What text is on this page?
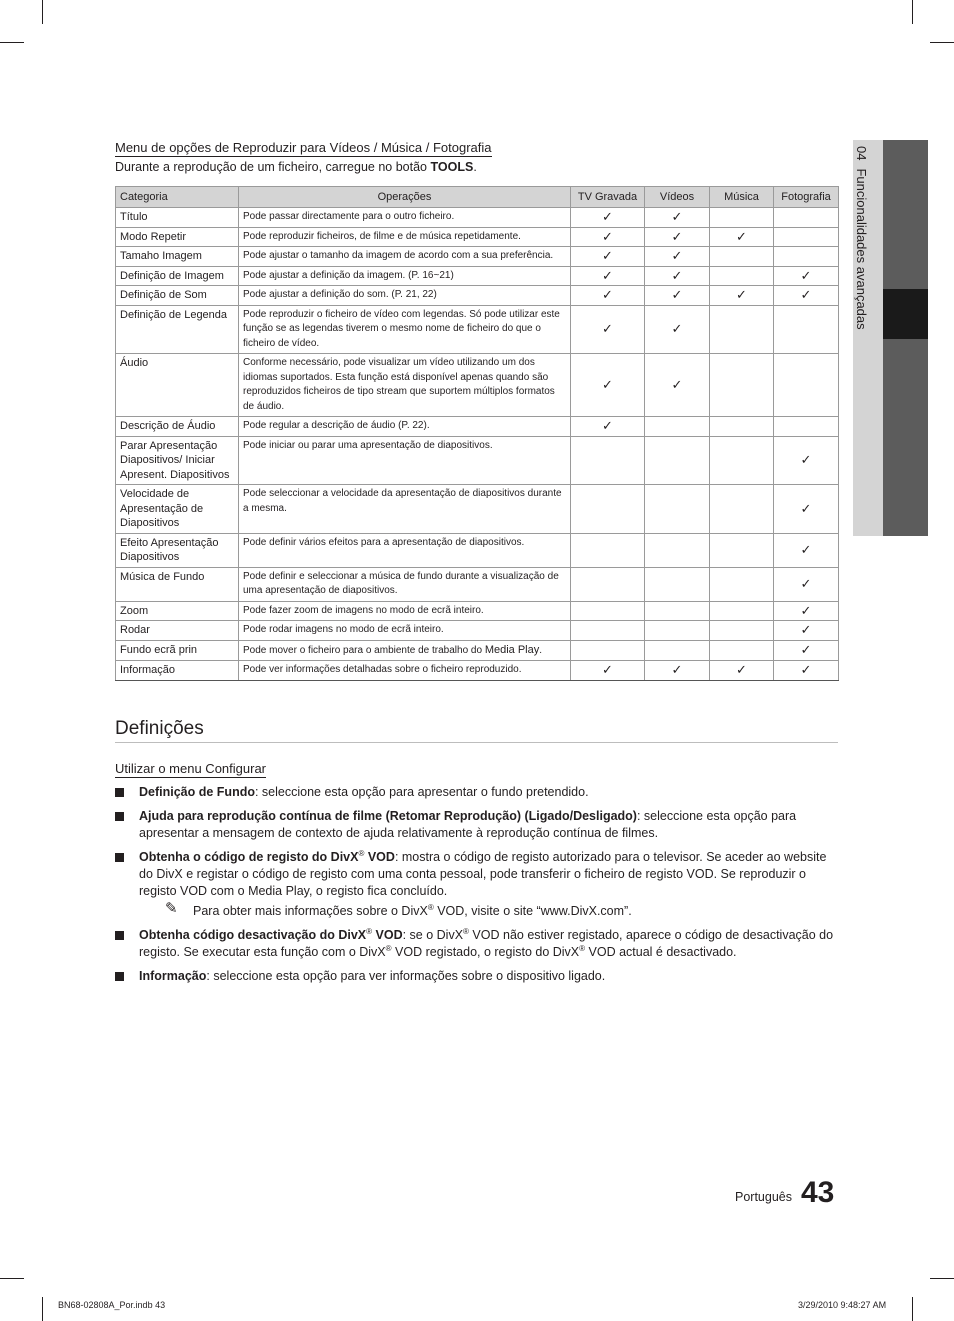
04Funcionalidades avançadas
Menu de opções de Reproduzir para Vídeos / Música / Fotografia
Durante a reprodução de um ficheiro, carregue no botão TOOLS.
Categoria	Operações	TV Gravada	Vídeos	Música	Fotografia
Título	Pode passar directamente para o outro ficheiro.	✓	✓		
Modo Repetir	Pode reproduzir ficheiros, de filme e de música repetidamente.	✓	✓	✓	
Tamaho Imagem	Pode ajustar o tamanho da imagem de acordo com a sua preferência.	✓	✓		
Definição de Imagem	Pode ajustar a definição da imagem. (P. 16~21)	✓	✓		✓
Definição de Som	Pode ajustar a definição do som. (P. 21, 22)	✓	✓	✓	✓
Definição de Legenda	Pode reproduzir o ficheiro de vídeo com legendas. Só pode utilizar este função se as legendas tiverem o mesmo nome de ficheiro do que o ficheiro de vídeo.	✓	✓		
Áudio	Conforme necessário, pode visualizar um vídeo utilizando um dos idiomas suportados. Esta função está disponível apenas quando são reproduzidos ficheiros de tipo stream que suportem múltiplos formatos de áudio.	✓	✓		
Descrição de Áudio	Pode regular a descrição de áudio (P. 22).	✓			
Parar Apresentação Diapositivos/ Iniciar Apresent. Diapositivos	Pode iniciar ou parar uma apresentação de diapositivos.				✓
Velocidade de Apresentação de Diapositivos	Pode seleccionar a velocidade da apresentação de diapositivos durante a mesma.				✓
Efeito Apresentação Diapositivos	Pode definir vários efeitos para a apresentação de diapositivos.				✓
Música de Fundo	Pode definir e seleccionar a música de fundo durante a visualização de uma apresentação de diapositivos.				✓
Zoom	Pode fazer zoom de imagens no modo de ecrã inteiro.				✓
Rodar	Pode rodar imagens no modo de ecrã inteiro.				✓
Fundo ecrã prin	Pode mover o ficheiro para o ambiente de trabalho do Media Play.				✓
Informação	Pode ver informações detalhadas sobre o ficheiro reproduzido.	✓	✓	✓	✓
Definições
Utilizar o menu Configurar
Definição de Fundo: seleccione esta opção para apresentar o fundo pretendido.
Ajuda para reprodução contínua de filme (Retomar Reprodução) (Ligado/Desligado): seleccione esta opção para apresentar a mensagem de contexto de ajuda relativamente à reprodução contínua de filmes.
Obtenha o código de registo do DivX® VOD: mostra o código de registo autorizado para o televisor. Se aceder ao website do DivX e registar o código de registo com uma conta pessoal, pode transferir o ficheiro de registo VOD. Se reproduzir o registo VOD com o Media Play, o registo fica concluído.
✎ Para obter mais informações sobre o DivX® VOD, visite o site “www.DivX.com”.
Obtenha código desactivação do DivX® VOD: se o DivX® VOD não estiver registado, aparece o código de desactivação do registo. Se executar esta função com o DivX® VOD registado, o registo do DivX® VOD actual é desactivado.
Informação: seleccione esta opção para ver informações sobre o dispositivo ligado.
Português 43
BN68-02808A_Por.indb 43	3/29/2010 9:48:27 AM
